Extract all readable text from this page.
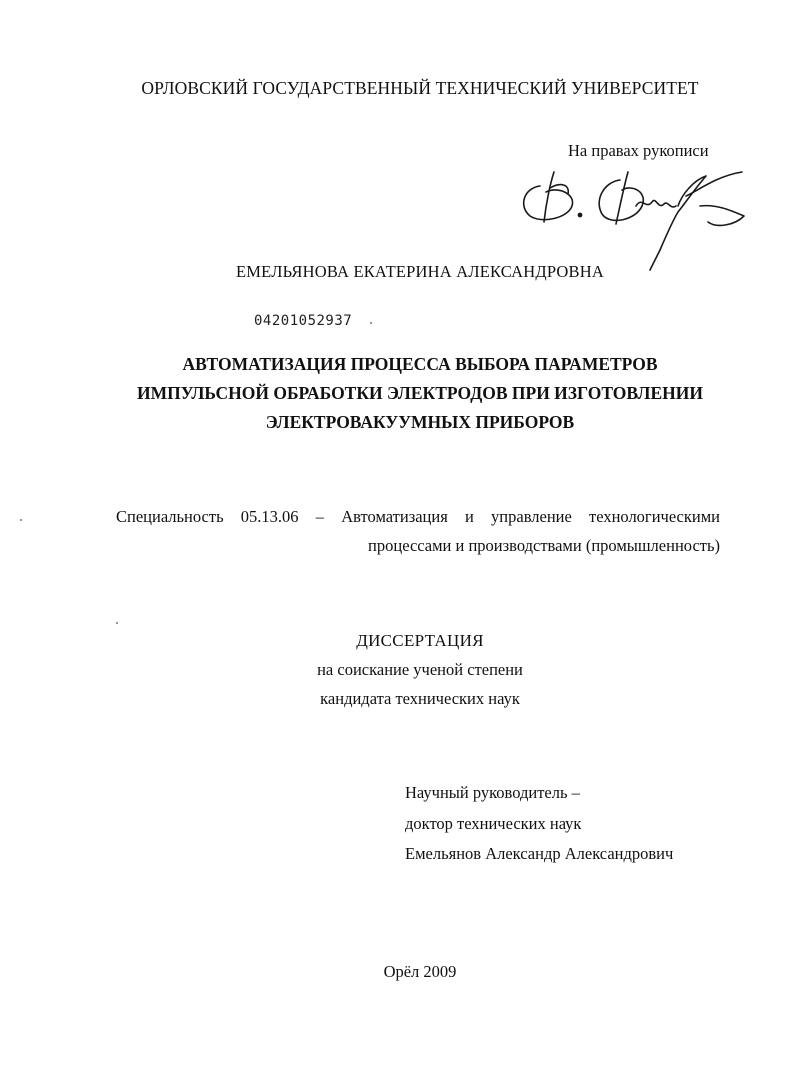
ОРЛОВСКИЙ ГОСУДАРСТВЕННЫЙ ТЕХНИЧЕСКИЙ УНИВЕРСИТЕТ
На правах рукописи
ЕМЕЛЬЯНОВА ЕКАТЕРИНА АЛЕКСАНДРОВНА
04201052937
АВТОМАТИЗАЦИЯ ПРОЦЕССА ВЫБОРА ПАРАМЕТРОВ
ИМПУЛЬСНОЙ ОБРАБОТКИ ЭЛЕКТРОДОВ ПРИ ИЗГОТОВЛЕНИИ
ЭЛЕКТРОВАКУУМНЫХ ПРИБОРОВ
Специальность 05.13.06 – Автоматизация и управление технологическими
процессами и производствами (промышленность)
ДИССЕРТАЦИЯ
на соискание ученой степени
кандидата технических наук
Научный руководитель –
доктор технических наук
Емельянов Александр Александрович
Орёл 2009
